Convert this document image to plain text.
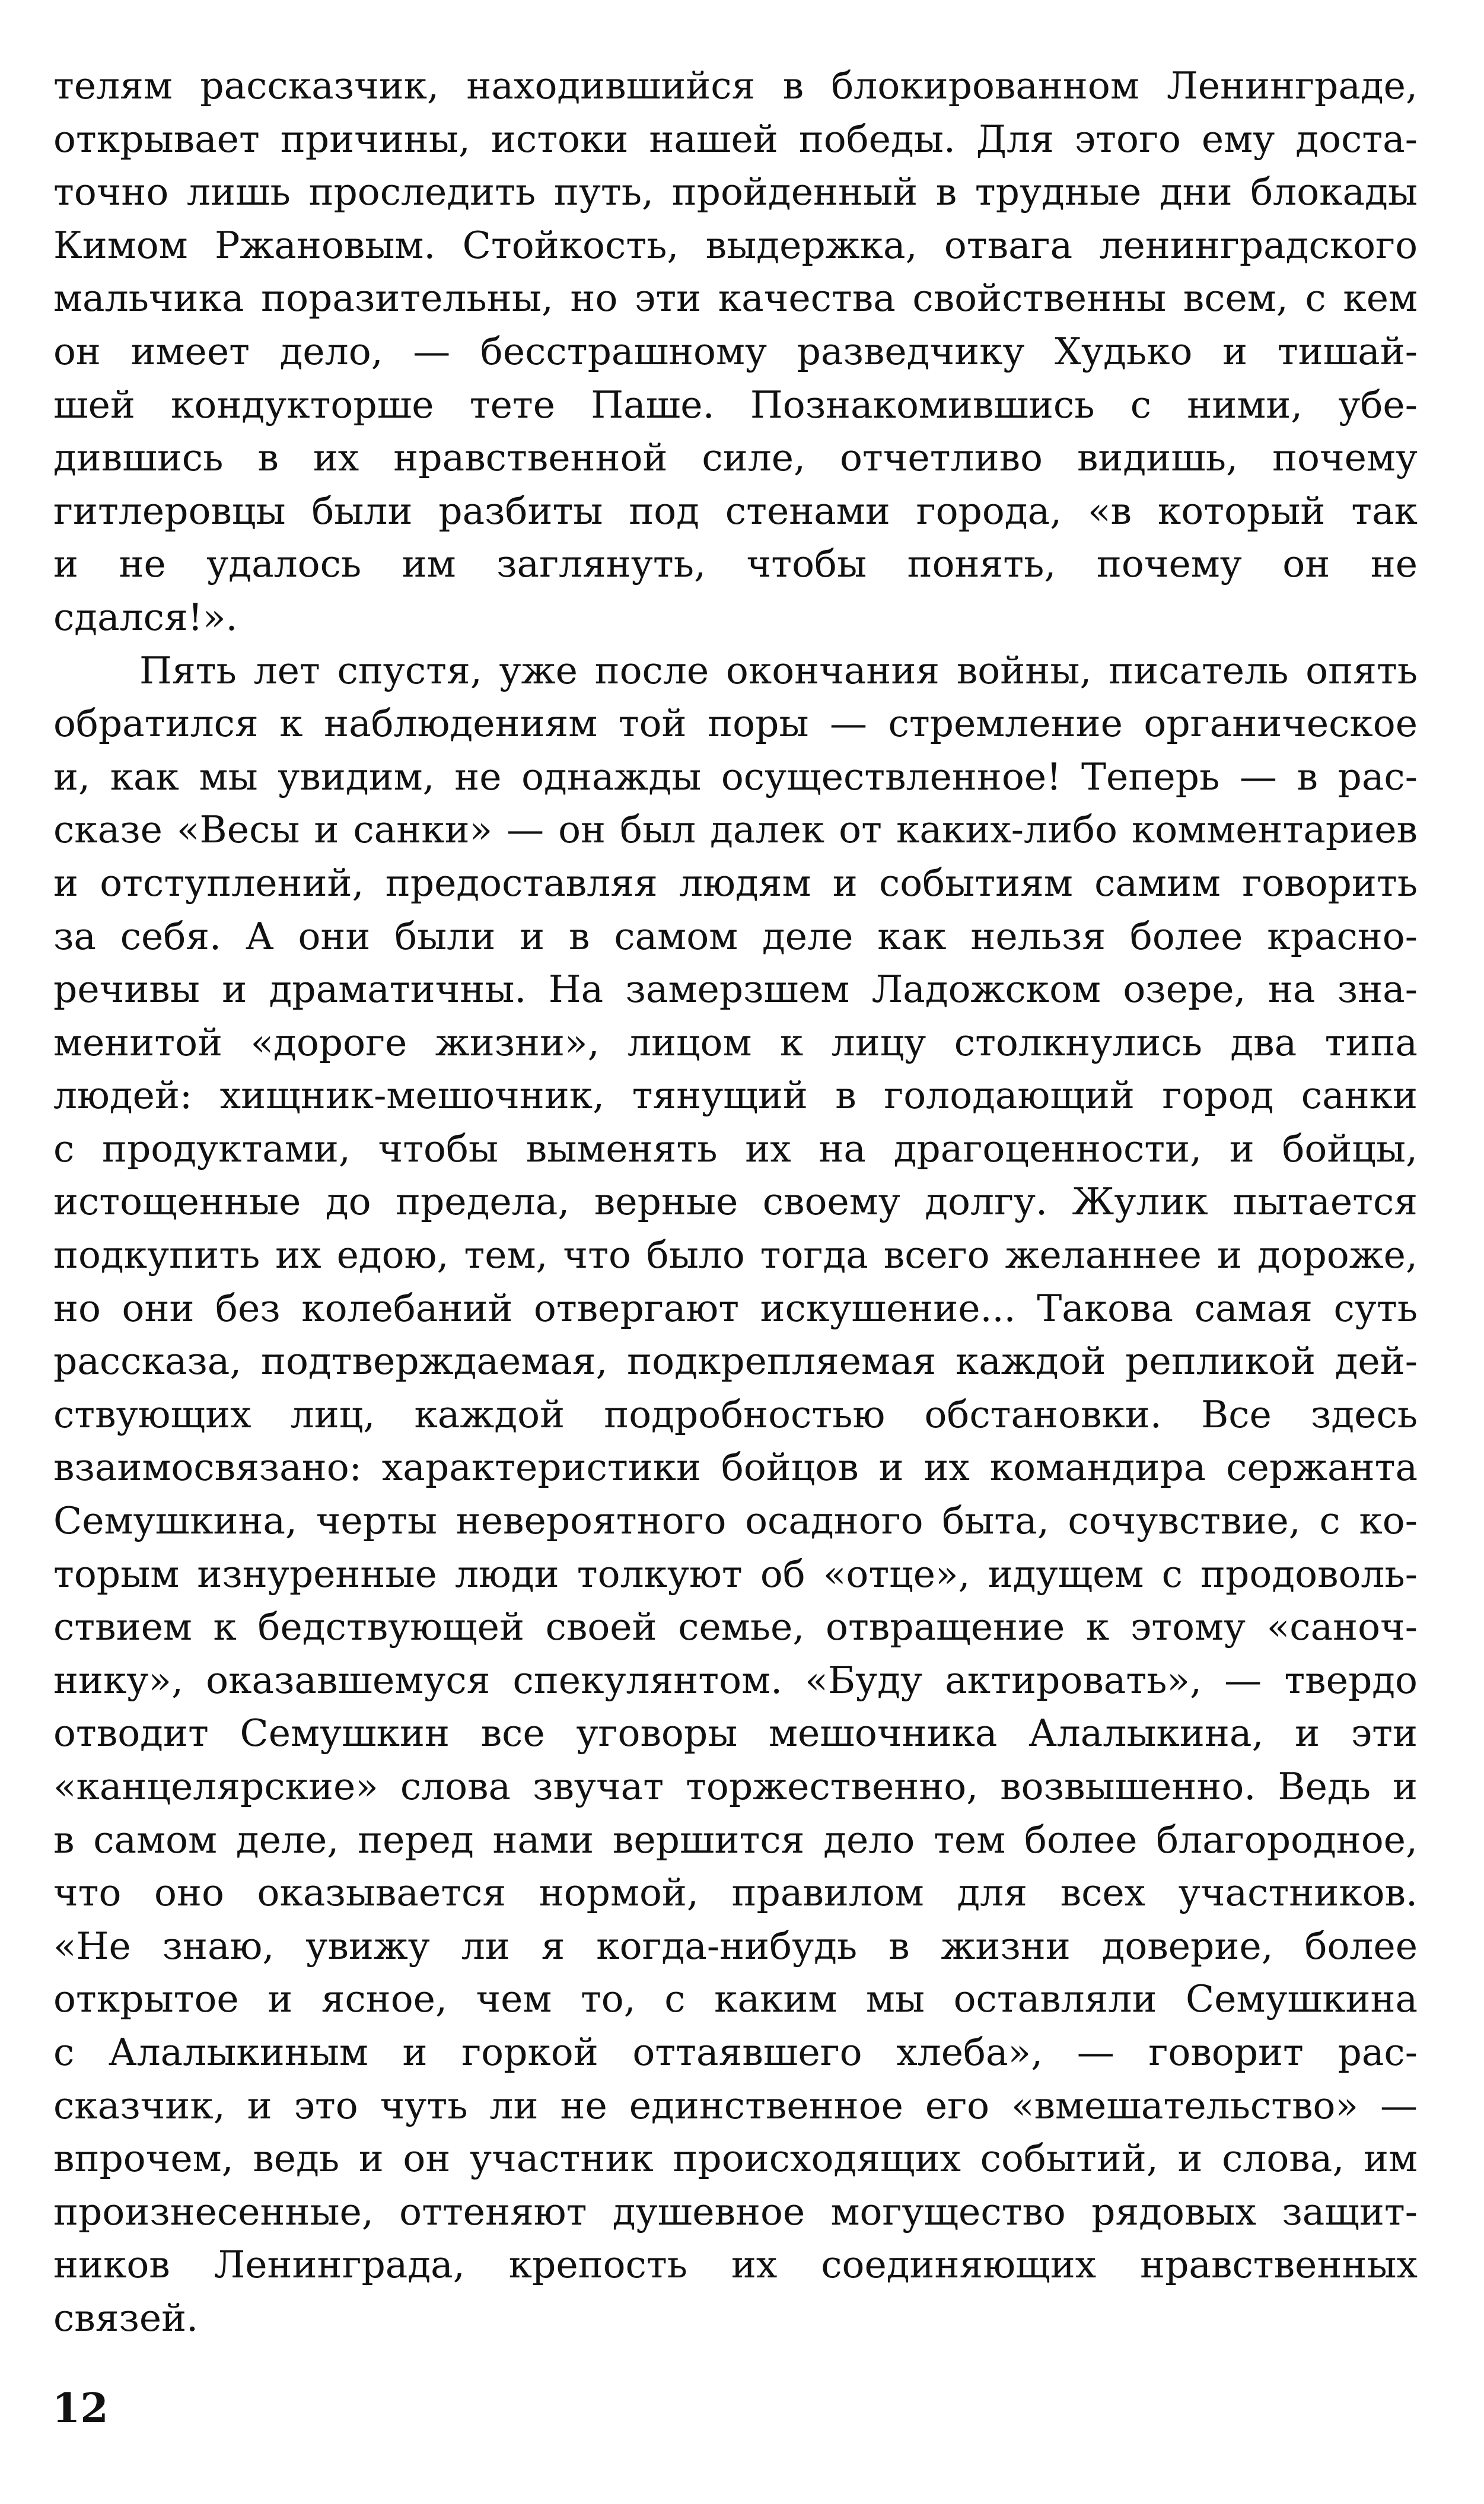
телям рассказчик, находившийся в блокированном Ленинграде,
открывает причины, истоки нашей победы. Для этого ему доста-
точно лишь проследить путь, пройденный в трудные дни блокады
Кимом Ржановым. Стойкость, выдержка, отвага ленинградского
мальчика поразительны, но эти качества свойственны всем, с кем
он имеет дело, — бесстрашному разведчику Худько и тишай-
шей кондукторше тете Паше. Познакомившись с ними, убе-
дившись в их нравственной силе, отчетливо видишь, почему
гитлеровцы были разбиты под стенами города, «в который так
и не удалось им заглянуть, чтобы понять, почему он не
сдался!».
Пять лет спустя, уже после окончания войны, писатель опять
обратился к наблюдениям той поры — стремление органическое
и, как мы увидим, не однажды осуществленное! Теперь — в рас-
сказе «Весы и санки» — он был далек от каких-либо комментариев
и отступлений, предоставляя людям и событиям самим говорить
за себя. А они были и в самом деле как нельзя более красно-
речивы и драматичны. На замерзшем Ладожском озере, на зна-
менитой «дороге жизни», лицом к лицу столкнулись два типа
людей: хищник-мешочник, тянущий в голодающий город санки
с продуктами, чтобы выменять их на драгоценности, и бойцы,
истощенные до предела, верные своему долгу. Жулик пытается
подкупить их едою, тем, что было тогда всего желаннее и дороже,
но они без колебаний отвергают искушение... Такова самая суть
рассказа, подтверждаемая, подкрепляемая каждой репликой дей-
ствующих лиц, каждой подробностью обстановки. Все здесь
взаимосвязано: характеристики бойцов и их командира сержанта
Семушкина, черты невероятного осадного быта, сочувствие, с ко-
торым изнуренные люди толкуют об «отце», идущем с продоволь-
ствием к бедствующей своей семье, отвращение к этому «саноч-
нику», оказавшемуся спекулянтом. «Буду актировать», — твердо
отводит Семушкин все уговоры мешочника Алалыкина, и эти
«канцелярские» слова звучат торжественно, возвышенно. Ведь и
в самом деле, перед нами вершится дело тем более благородное,
что оно оказывается нормой, правилом для всех участников.
«Не знаю, увижу ли я когда-нибудь в жизни доверие, более
открытое и ясное, чем то, с каким мы оставляли Семушкина
с Алалыкиным и горкой оттаявшего хлеба», — говорит рас-
сказчик, и это чуть ли не единственное его «вмешательство» —
впрочем, ведь и он участник происходящих событий, и слова, им
произнесенные, оттеняют душевное могущество рядовых защит-
ников Ленинграда, крепость их соединяющих нравственных
связей.
12
